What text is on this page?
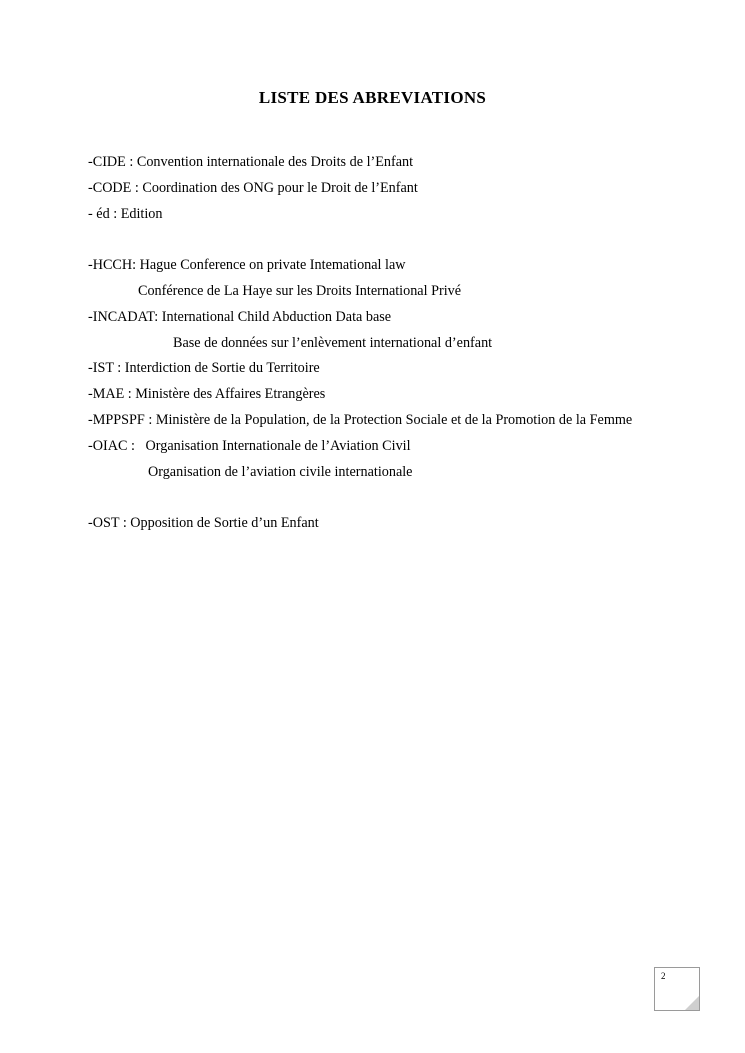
LISTE DES ABREVIATIONS
-CIDE : Convention internationale des Droits de l’Enfant
-CODE : Coordination des ONG pour le Droit de l’Enfant
- éd : Edition
-HCCH: Hague Conference on private Intemational law
Conférence de La Haye sur les Droits International Privé
-INCADAT: International Child Abduction Data base
Base de données sur l’enlèvement international d’enfant
-IST : Interdiction de Sortie du Territoire
-MAE : Ministère des Affaires Etrangères
-MPPSPF : Ministère de la Population, de la Protection Sociale et de la Promotion de la Femme
-OIAC :   Organisation Internationale de l’Aviation Civil
Organisation de l’aviation civile internationale
-OST : Opposition de Sortie d’un Enfant
2
